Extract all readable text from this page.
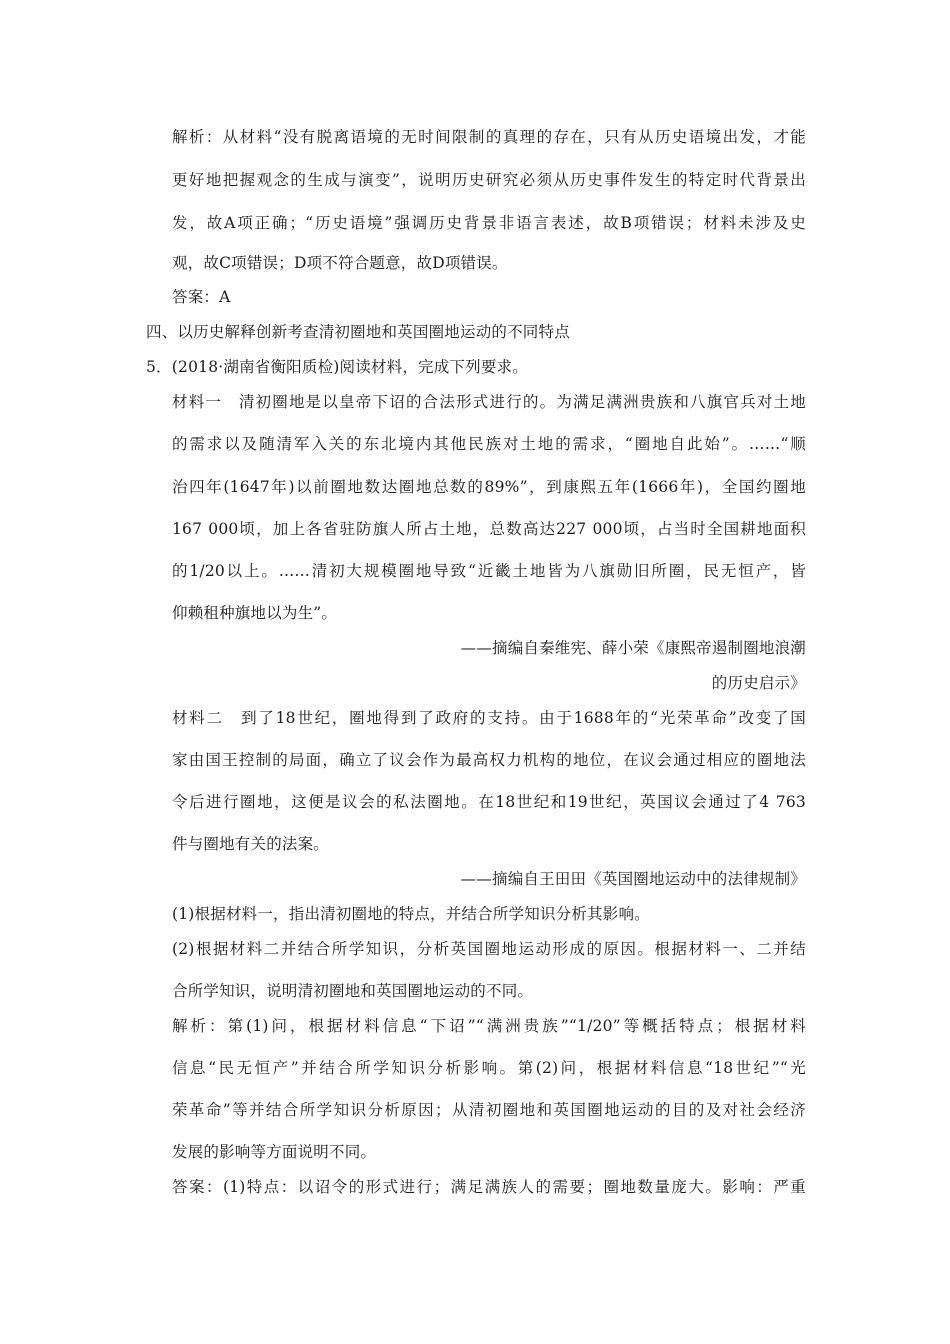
解析：从材料“没有脱离语境的无时间限制的真理的存在，只有从历史语境出发，才能
更好地把握观念的生成与演变”，说明历史研究必须从历史事件发生的特定时代背景出
发，故A项正确；“历史语境”强调历史背景非语言表述，故B项错误；材料未涉及史
观，故C项错误；D项不符合题意，故D项错误。
答案：A
四、以历史解释创新考查清初圈地和英国圈地运动的不同特点
5．(2018·湖南省衡阳质检)阅读材料，完成下列要求。
材料一　清初圈地是以皇帝下诏的合法形式进行的。为满足满洲贵族和八旗官兵对土地
的需求以及随清军入关的东北境内其他民族对土地的需求，“圈地自此始”。……“顺
治四年(1647年)以前圈地数达圈地总数的89%”，到康熙五年(1666年)，全国约圈地
167 000顷，加上各省驻防旗人所占土地，总数高达227 000顷，占当时全国耕地面积
的1/20以上。……清初大规模圈地导致“近畿土地皆为八旗勋旧所圈，民无恒产，皆
仰赖租种旗地以为生”。
——摘编自秦维宪、薛小荣《康熙帝遏制圈地浪潮
的历史启示》
材料二　到了18世纪，圈地得到了政府的支持。由于1688年的“光荣革命”改变了国
家由国王控制的局面，确立了议会作为最高权力机构的地位，在议会通过相应的圈地法
令后进行圈地，这便是议会的私法圈地。在18世纪和19世纪，英国议会通过了4 763
件与圈地有关的法案。
——摘编自王田田《英国圈地运动中的法律规制》
(1)根据材料一，指出清初圈地的特点，并结合所学知识分析其影响。
(2)根据材料二并结合所学知识，分析英国圈地运动形成的原因。根据材料一、二并结
合所学知识，说明清初圈地和英国圈地运动的不同。
解析：第(1)问，根据材料信息“下诏”“满洲贵族”“1/20”等概括特点；根据材料
信息“民无恒产”并结合所学知识分析影响。第(2)问，根据材料信息“18世纪”“光
荣革命”等并结合所学知识分析原因；从清初圈地和英国圈地运动的目的及对社会经济
发展的影响等方面说明不同。
答案：(1)特点：以诏令的形式进行；满足满族人的需要；圈地数量庞大。影响：严重
